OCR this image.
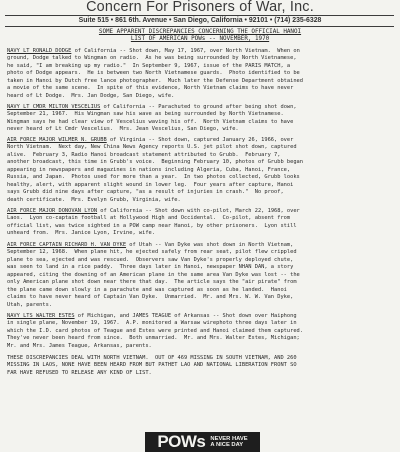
Concern For Prisoners of War, Inc.
Suite 515 • 861 6th. Avenue • San Diego, California • 92101 • (714) 235-6328
SOME APPARENT DISCREPANCIES CONCERNING THE OFFICIAL HANOI
LIST OF AMERICAN POWs -- NOVEMBER, 1970
NAVY LT RONALD DODGE of California -- Shot down, May 17, 1967, over North Vietnam.  When on
ground, Dodge talked to Wingman on radio.  As he was being surrounded by North Vietnamese,
he said, "I am breaking up my radio."  In September 9, 1967, issue of the PARIS MATCH, a
photo of Dodge appears.  He is between two North Vietnamese guards.  Photo identified to be
taken in Hanoi by Dutch free lance photographer.  Much later the Defense Department obtained
a movie of the same scene.  In spite of this evidence, North Vietnam claims to have never
heard of Lt Dodge.  Mrs. Jan Dodge, San Diego, wife.
NAVY LT CMDR MILTON VESCELIUS of California -- Parachuted to ground after being shot down,
September 21, 1967.  His Wingman saw his wave as being surrounded by North Vietnamese.
Wingman says he had clear view of Vescelius waving his off.  North Vietnam claims to have
never heard of Lt Cmdr Vescelius.  Mrs. Jean Vescelius, San Diego, wife.
AIR FORCE MAJOR WILMER N. GRUBB of Virginia -- Shot down, captured January 26, 1966, over
North Vietnam.  Next day, New China News Agency reports U.S. jet pilot shot down, captured
alive.  February 3, Radio Hanoi broadcast statement attributed to Grubb.  February 7,
another broadcast, this time in Grubb's voice.  Beginning February 10, photos of Grubb began
appearing in newspapers and magazines in nations including Algeria, Cuba, Hanoi, France,
Russia, and Japan.  Photos used for more than a year.  In two photos collected, Grubb looks
healthy, alert, with apparent slight wound in lower leg.  Four years after capture, Hanoi
says Grubb did nine days after capture, "as a result of injuries in crash."  No proof,
death certificate.  Mrs. Evelyn Grubb, Virginia, wife.
AIR FORCE MAJOR DONOVAN LYON of California -- Shot down with co-pilot, March 22, 1968, over
Laos.  Lyon co-captain football at Hollywood High and Occidental.  Co-pilot, absent from
official list, was twice sighted in a POW camp near Hanoi, by other prisoners.  Lyon still
unheard from.  Mrs. Janice Lyon, Irvine, wife.
AIR FORCE CAPTAIN RICHARD H. VAN DYKE of Utah -- Van Dyke was shot down in North Vietnam,
September 12, 1968.  When plane hit, he ejected safely from rear seat, pilot flew crippled
plane to sea, ejected and was rescued.  Observers saw Van Dyke's properly deployed chute,
was seen to land in a rice paddy.  Three days later in Hanoi, newspaper NHAN DAN, a story
appeared, citing the downing of an American plane in the same area Van Dyke was lost -- the
only American plane shot down near there that day.  The article says the "air pirate" from
the plane came down slowly in a parachute and was captured as soon as he landed.  Hanoi
claims to have never heard of Captain Van Dyke.  Unmarried.  Mr. and Mrs. W. W. Van Dyke,
Utah, parents.
NAVY LTS WALTER ESTES of Michigan, and JAMES TEAGUE of Arkansas -- Shot down over Haiphong
in single plane, November 19, 1967.  A.P. monitored a Warsaw wirephoto three days later in
which the I.D. card photos of Teague and Estes were printed and Hanoi claimed them captured.
They've never been heard from since.  Both unmarried.  Mr. and Mrs. Walter Estes, Michigan;
Mr. and Mrs. James Teague, Arkansas, parents.
THESE DISCREPANCIES DEAL WITH NORTH VIETNAM.  OUT OF 469 MISSING IN SOUTH VIETNAM, AND 260
MISSING IN LAOS, NONE HAVE BEEN HEARD FROM BUT PATHET LAO AND NATIONAL LIBERATION FRONT SO
FAR HAVE REFUSED TO RELEASE ANY KIND OF LIST.
POWs NEVER HAVE
A NICE DAY
